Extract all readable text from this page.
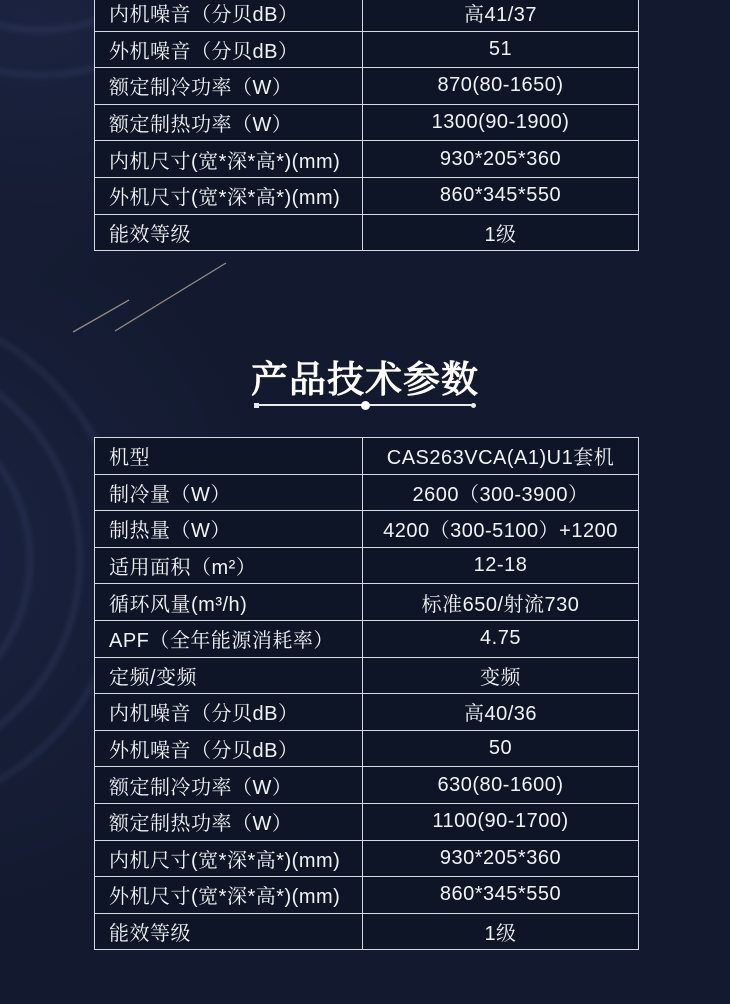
内机噪音（分贝dB）	高41/37
外机噪音（分贝dB）	51
额定制冷功率（W）	870(80-1650)
额定制热功率（W）	1300(90-1900)
内机尺寸(宽*深*高*)(mm)	930*205*360
外机尺寸(宽*深*高*)(mm)	860*345*550
能效等级	1级
产品技术参数
机型	CAS263VCA(A1)U1套机
制冷量（W）	2600（300-3900）
制热量（W）	4200（300-5100）+1200
适用面积（m²）	12-18
循环风量(m³/h)	标准650/射流730
APF（全年能源消耗率）	4.75
定频/变频	变频
内机噪音（分贝dB）	高40/36
外机噪音（分贝dB）	50
额定制冷功率（W）	630(80-1600)
额定制热功率（W）	1100(90-1700)
内机尺寸(宽*深*高*)(mm)	930*205*360
外机尺寸(宽*深*高*)(mm)	860*345*550
能效等级	1级
